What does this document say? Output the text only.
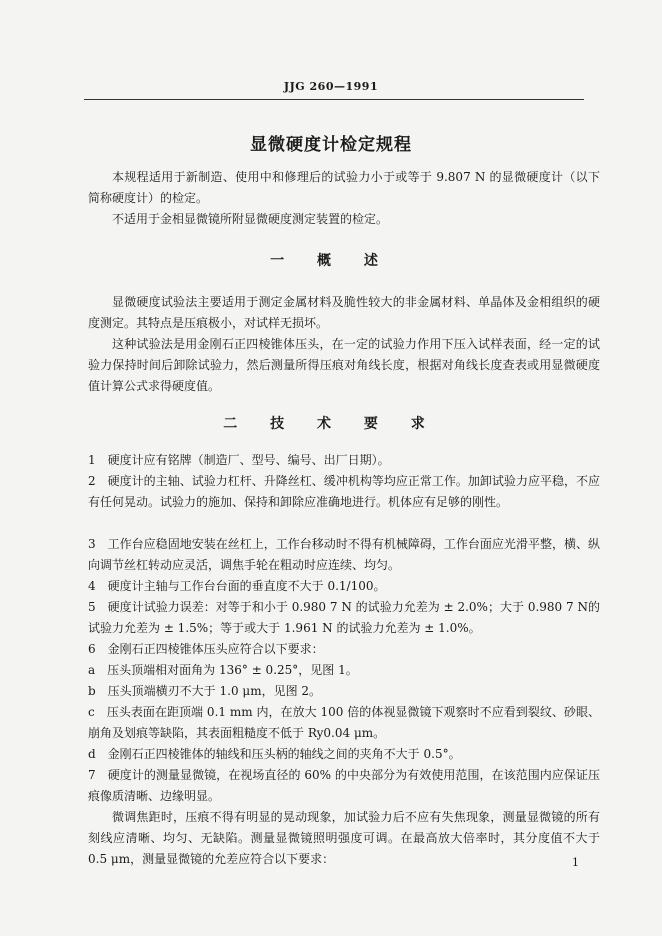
JJG 260—1991
显微硬度计检定规程

本规程适用于新制造、使用中和修理后的试验力小于或等于 9.807 N 的显微硬度计（以下简称硬度计）的检定。

不适用于金相显微镜所附显微硬度测定装置的检定。

一 概 述

显微硬度试验法主要适用于测定金属材料及脆性较大的非金属材料、单晶体及金相组织的硬度测定。其特点是压痕极小，对试样无损坏。

这种试验法是用金刚石正四棱锥体压头，在一定的试验力作用下压入试样表面，经一定的试验力保持时间后卸除试验力，然后测量所得压痕对角线长度，根据对角线长度查表或用显微硬度值计算公式求得硬度值。

二 技 术 要 求

1　硬度计应有铭牌（制造厂、型号、编号、出厂日期）。

2　硬度计的主轴、试验力杠杆、升降丝杠、缓冲机构等均应正常工作。加卸试验力应平稳，不应有任何晃动。试验力的施加、保持和卸除应准确地进行。机体应有足够的刚性。

3　工作台应稳固地安装在丝杠上，工作台移动时不得有机械障碍，工作台面应光滑平整，横、纵向调节丝杠转动应灵活，调焦手轮在粗动时应连续、均匀。

4　硬度计主轴与工作台台面的垂直度不大于 0.1/100。

5　硬度计试验力误差：对等于和小于 0.980 7 N 的试验力允差为 ± 2.0%；大于 0.980 7 N的试验力允差为 ± 1.5%；等于或大于 1.961 N 的试验力允差为 ± 1.0%。

6　金刚石正四棱锥体压头应符合以下要求：

a　压头顶端相对面角为 136° ± 0.25°，见图 1。

b　压头顶端横刃不大于 1.0 μm，见图 2。

c　压头表面在距顶端 0.1 mm 内，在放大 100 倍的体视显微镜下观察时不应看到裂纹、砂眼、崩角及划痕等缺陷，其表面粗糙度不低于 Ry0.04 μm。

d　金刚石正四棱锥体的轴线和压头柄的轴线之间的夹角不大于 0.5°。

7　硬度计的测量显微镜，在视场直径的 60% 的中央部分为有效使用范围，在该范围内应保证压痕像质清晰、边缘明显。

微调焦距时，压痕不得有明显的晃动现象，加试验力后不应有失焦现象，测量显微镜的所有刻线应清晰、均匀、无缺陷。测量显微镜照明强度可调。在最高放大倍率时，其分度值不大于 0.5 μm，测量显微镜的允差应符合以下要求：	1
